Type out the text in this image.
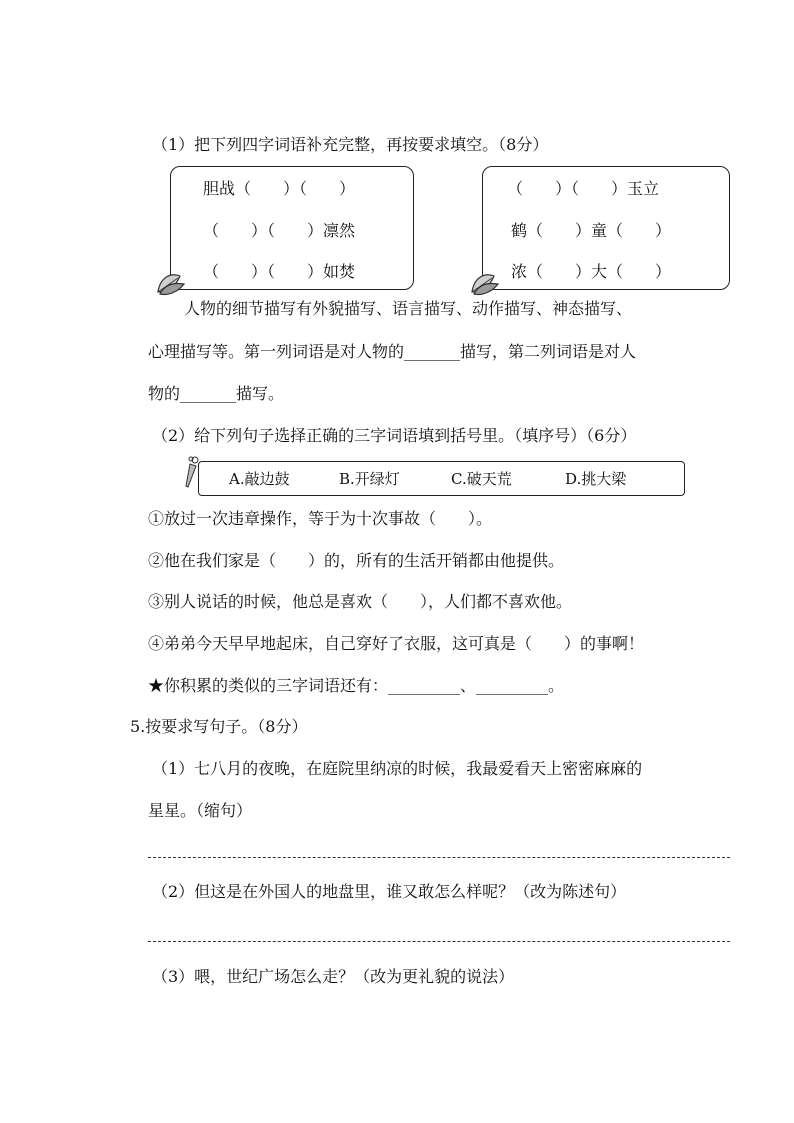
（1）把下列四字词语补充完整，再按要求填空。（8分）
胆战（　　）（　　）
（　　）（　　）凛然
（　　）（　　）如焚
（　　）（　　）玉立
鹤（　　）童（　　）
浓（　　）大（　　）
人物的细节描写有外貌描写、语言描写、动作描写、神态描写、
心理描写等。第一列词语是对人物的_______描写，第二列词语是对人
物的_______描写。
（2）给下列句子选择正确的三字词语填到括号里。（填序号）（6分）
A.敲边鼓	B.开绿灯	C.破天荒	D.挑大梁
①放过一次违章操作，等于为十次事故（　　）。
②他在我们家是（　　）的，所有的生活开销都由他提供。
③别人说话的时候，他总是喜欢（　　），人们都不喜欢他。
④弟弟今天早早地起床，自己穿好了衣服，这可真是（　　）的事啊！
★你积累的类似的三字词语还有：_________、_________。
5.按要求写句子。（8分）
（1）七八月的夜晚，在庭院里纳凉的时候，我最爱看天上密密麻麻的
星星。（缩句）
（2）但这是在外国人的地盘里，谁又敢怎么样呢？（改为陈述句）
（3）喂，世纪广场怎么走？（改为更礼貌的说法）
